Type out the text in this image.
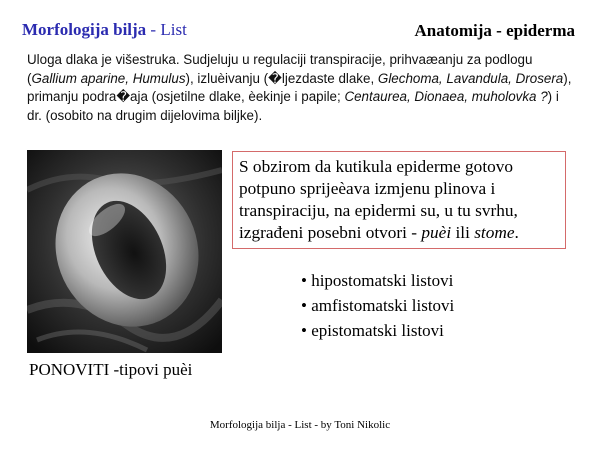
Morfologija bilja - List	Anatomija - epiderma
Uloga dlaka je višestruka. Sudjeluju u regulaciji transpiracije, prihvaæanju za podlogu (Gallium aparine, Humulus), izluèivanju (�ljezdaste dlake, Glechoma, Lavandula, Drosera), primanju podra�aja (osjetilne dlake, èekinje i papile; Centaurea, Dionaea, muholovka ?) i dr. (osobito na drugim dijelovima biljke).
S obzirom da kutikula epiderme gotovo potpuno sprijeèava izmjenu plinova i transpiraciju, na epidermi su, u tu svrhu, izgrađeni posebni otvori - puèi ili stome.
• hipostomatski listovi
• amfistomatski listovi
• epistomatski listovi
PONOVITI -tipovi puèi
Morfologija bilja - List - by Toni Nikolic
